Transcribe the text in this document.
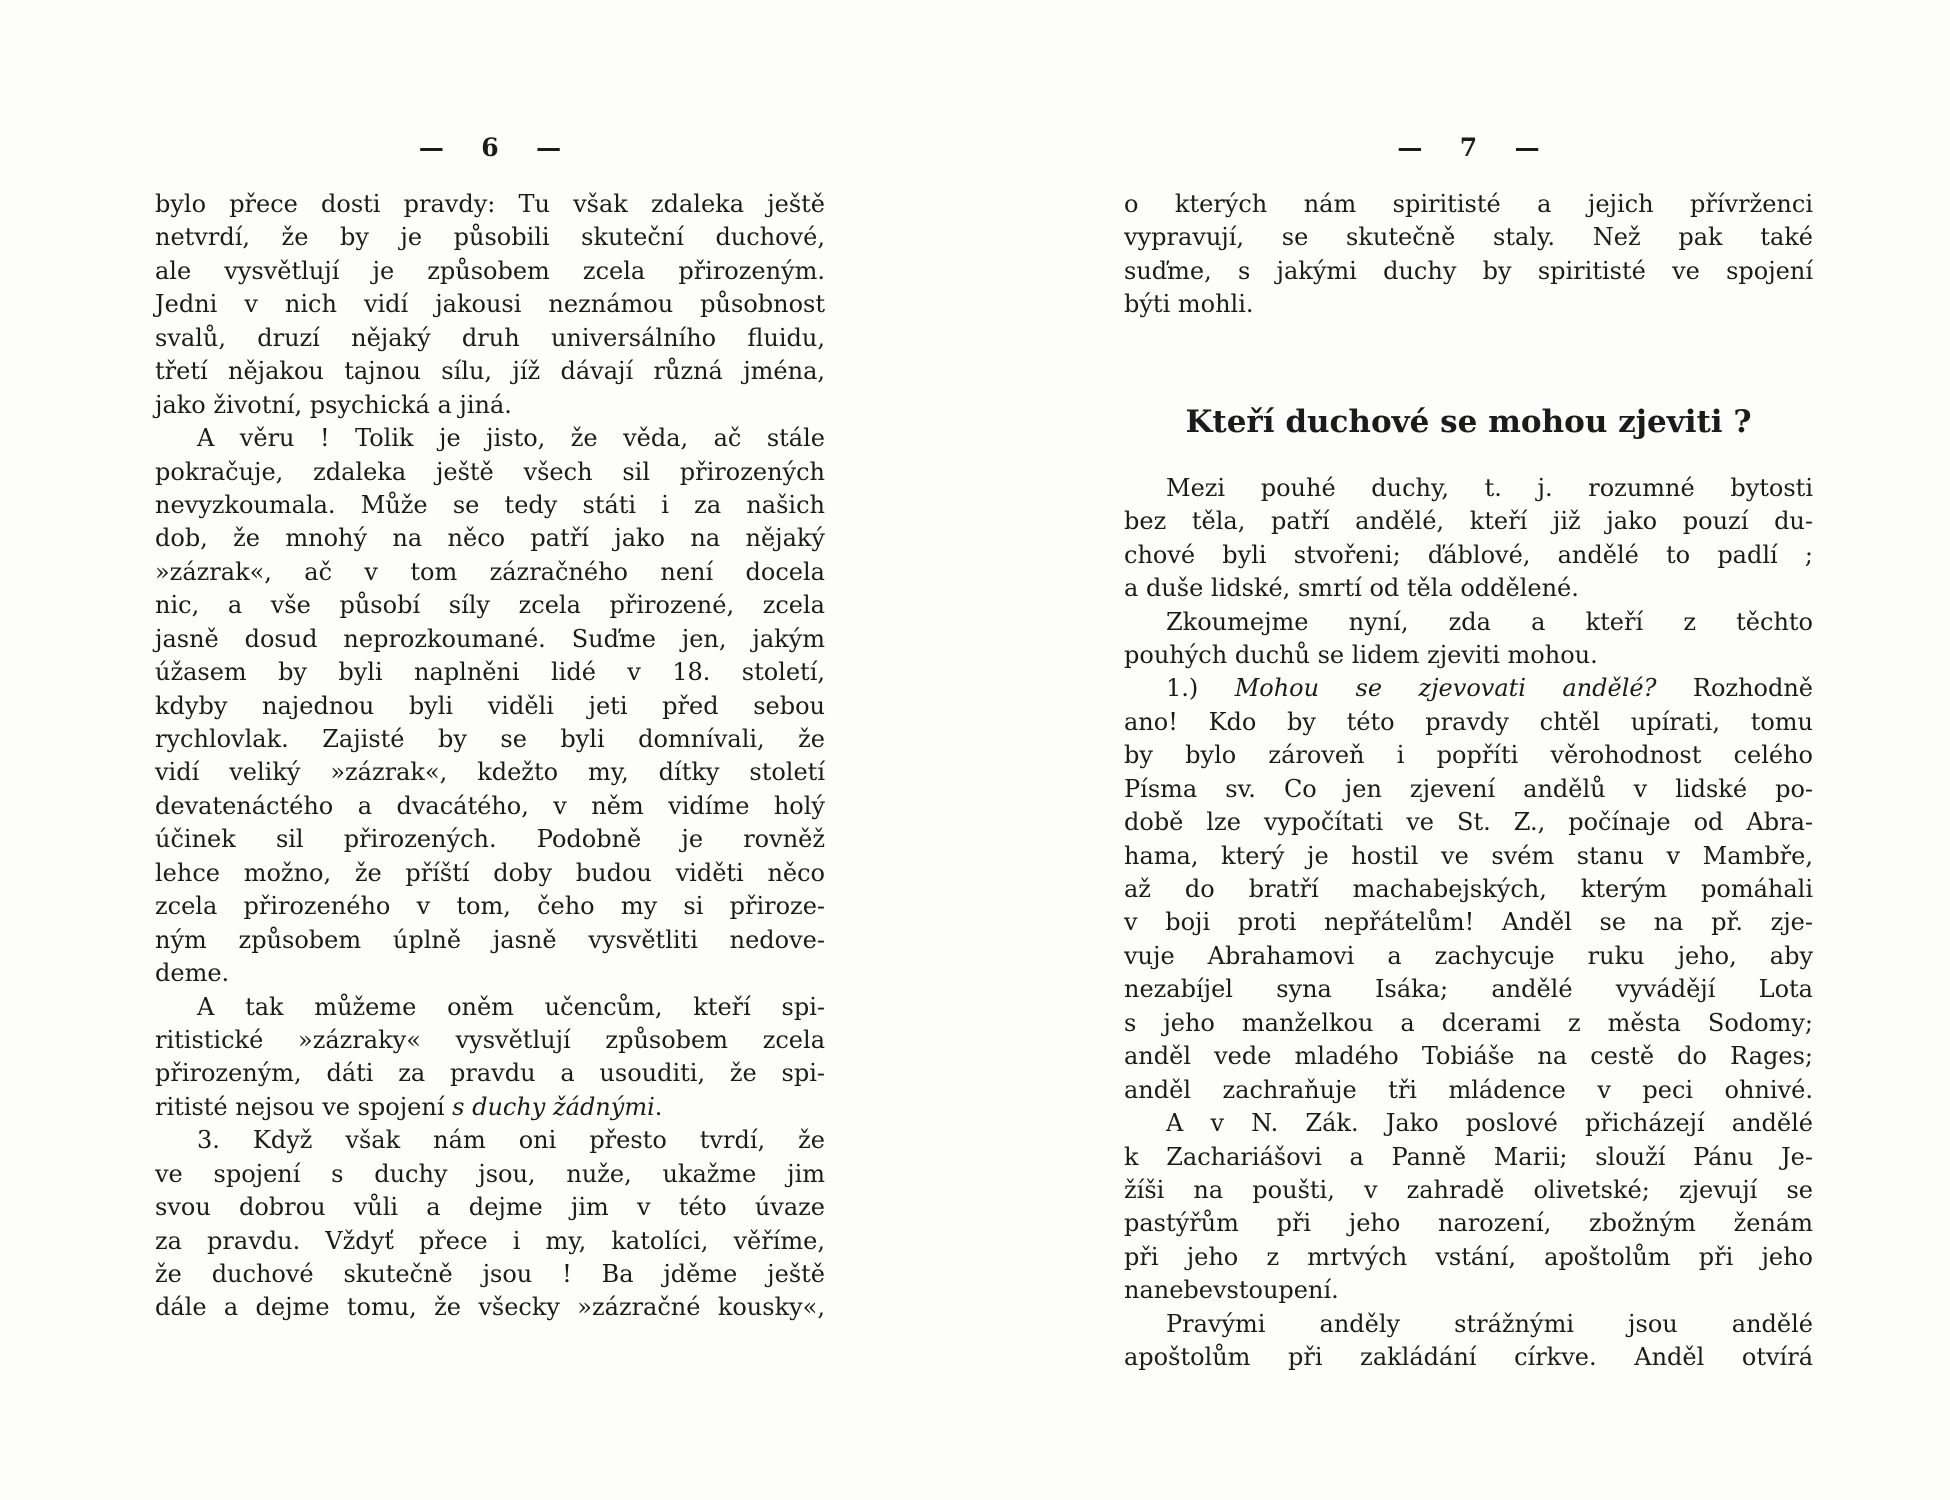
—  6  —
bylo přece dosti pravdy: Tu však zdaleka ještě
netvrdí, že by je působili skuteční duchové,
ale vysvětlují je způsobem zcela přirozeným.
Jedni v nich vidí jakousi neznámou působnost
svalů, druzí nějaký druh universálního fluidu,
třetí nějakou tajnou sílu, jíž dávají různá jména,
jako životní, psychická a jiná.
A věru ! Tolik je jisto, že věda, ač stále
pokračuje, zdaleka ještě všech sil přirozených
nevyzkoumala. Může se tedy státi i za našich
dob, že mnohý na něco patří jako na nějaký
»zázrak«, ač v tom zázračného není docela
nic, a vše působí síly zcela přirozené, zcela
jasně dosud neprozkoumané. Suďme jen, jakým
úžasem by byli naplněni lidé v 18. století,
kdyby najednou byli viděli jeti před sebou
rychlovlak. Zajisté by se byli domnívali, že
vidí veliký »zázrak«, kdežto my, dítky století
devatenáctého a dvacátého, v něm vidíme holý
účinek sil přirozených. Podobně je rovněž
lehce možno, že příští doby budou viděti něco
zcela přirozeného v tom, čeho my si přiroze-
ným způsobem úplně jasně vysvětliti nedove-
deme.
A tak můžeme oněm učencům, kteří spi-
ritistické »zázraky« vysvětlují způsobem zcela
přirozeným, dáti za pravdu a usouditi, že spi-
ritisté nejsou ve spojení s duchy žádnými.
3. Když však nám oni přesto tvrdí, že
ve spojení s duchy jsou, nuže, ukažme jim
svou dobrou vůli a dejme jim v této úvaze
za pravdu. Vždyť přece i my, katolíci, věříme,
že duchové skutečně jsou ! Ba jděme ještě
dále a dejme tomu, že všecky »zázračné kousky«,
—  7  —
o kterých nám spiritisté a jejich přívrženci
vypravují, se skutečně staly. Než pak také
suďme, s jakými duchy by spiritisté ve spojení
býti mohli.
Kteří duchové se mohou zjeviti ?
Mezi pouhé duchy, t. j. rozumné bytosti
bez těla, patří andělé, kteří již jako pouzí du-
chové byli stvořeni; ďáblové, andělé to padlí ;
a duše lidské, smrtí od těla oddělené.
Zkoumejme nyní, zda a kteří z těchto
pouhých duchů se lidem zjeviti mohou.
1.) Mohou se zjevovati andělé? Rozhodně
ano! Kdo by této pravdy chtěl upírati, tomu
by bylo zároveň i popříti věrohodnost celého
Písma sv. Co jen zjevení andělů v lidské po-
době lze vypočítati ve St. Z., počínaje od Abra-
hama, který je hostil ve svém stanu v Mambře,
až do bratří machabejských, kterým pomáhali
v boji proti nepřátelům! Anděl se na př. zje-
vuje Abrahamovi a zachycuje ruku jeho, aby
nezabíjel syna Isáka; andělé vyvádějí Lota
s jeho manželkou a dcerami z města Sodomy;
anděl vede mladého Tobiáše na cestě do Rages;
anděl zachraňuje tři mládence v peci ohnivé.
A v N. Zák. Jako poslové přicházejí andělé
k Zachariášovi a Panně Marii; slouží Pánu Je-
žíši na poušti, v zahradě olivetské; zjevují se
pastýřům při jeho narození, zbožným ženám
při jeho z mrtvých vstání, apoštolům při jeho
nanebevstoupení.
Pravými anděly strážnými jsou andělé
apoštolům při zakládání církve. Anděl otvírá
